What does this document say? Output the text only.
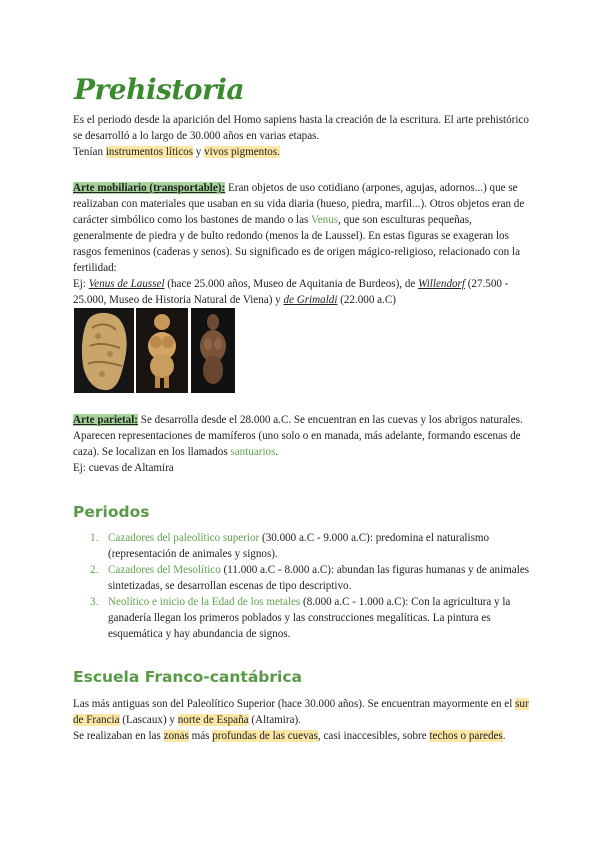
Prehistoria

Es el periodo desde la aparición del Homo sapiens hasta la creación de la escritura. El arte prehistórico se desarrolló a lo largo de 30.000 años en varias etapas.
Tenían instrumentos líticos y vivos pigmentos.

Arte mobiliario (transportable): Eran objetos de uso cotidiano (arpones, agujas, adornos...) que se realizaban con materiales que usaban en su vida diaria (hueso, piedra, marfil...). Otros objetos eran de carácter simbólico como los bastones de mando o las Venus, que son esculturas pequeñas, generalmente de piedra y de bulto redondo (menos la de Laussel). En estas figuras se exageran los rasgos femeninos (caderas y senos). Su significado es de origen mágico-religioso, relacionado con la fertilidad:
Ej: Venus de Laussel (hace 25.000 años, Museo de Aquitania de Burdeos), de Willendorf (27.500 - 25.000, Museo de Historia Natural de Viena) y de Grimaldi (22.000 a.C)

Arte parietal: Se desarrolla desde el 28.000 a.C. Se encuentran en las cuevas y los abrigos naturales. Aparecen representaciones de mamíferos (uno solo o en manada, más adelante, formando escenas de caza). Se localizan en los llamados santuarios.
Ej: cuevas de Altamira

Periodos
1. Cazadores del paleolítico superior (30.000 a.C - 9.000 a.C): predomina el naturalismo (representación de animales y signos).
2. Cazadores del Mesolítico (11.000 a.C - 8.000 a.C): abundan las figuras humanas y de animales sintetizadas, se desarrollan escenas de tipo descriptivo.
3. Neolítico e inicio de la Edad de los metales (8.000 a.C - 1.000 a.C): Con la agricultura y la ganadería llegan los primeros poblados y las construcciones megalíticas. La pintura es esquemática y hay abundancia de signos.
Escuela Franco-cantábrica

Las más antiguas son del Paleolítico Superior (hace 30.000 años). Se encuentran mayormente en el sur de Francia (Lascaux) y norte de España (Altamira).
Se realizaban en las zonas más profundas de las cuevas, casi inaccesibles, sobre techos o paredes.
